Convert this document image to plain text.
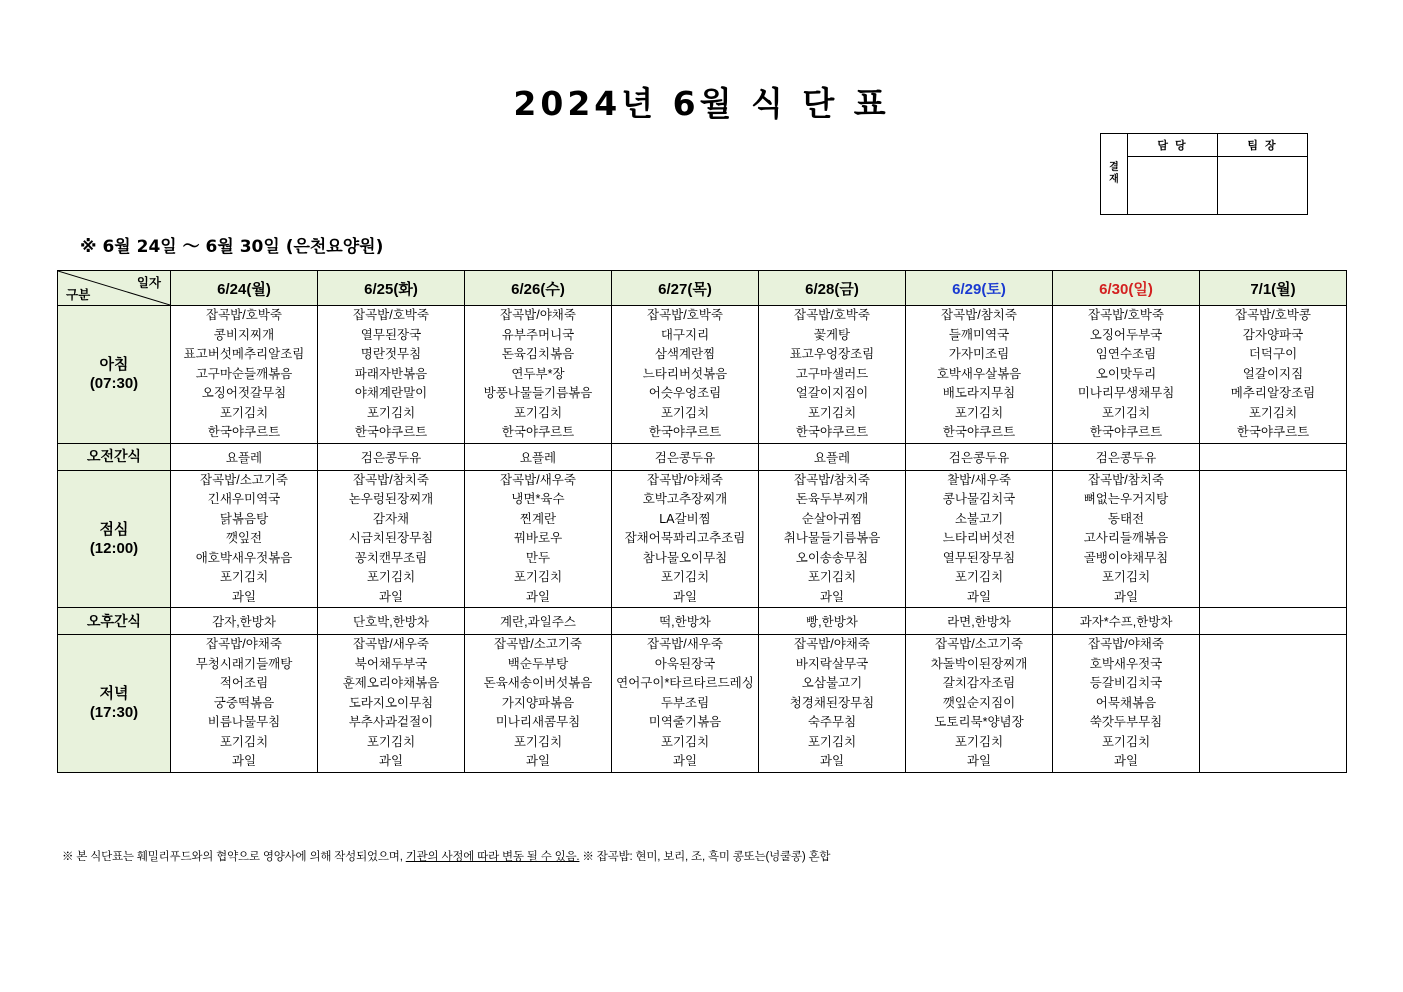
2024년 6월 식 단 표
결
재
담 당	팀 장
※ 6월 24일 ～ 6월 30일 (은천요양원)
일자
구분	6/24(월)	6/25(화)	6/26(수)	6/27(목)	6/28(금)	6/29(토)	6/30(일)	7/1(월)
아침
(07:30)	잡곡밥/호박죽
콩비지찌개
표고버섯메추리알조림
고구마순들깨볶음
오징어젓갈무침
포기김치
한국야쿠르트	잡곡밥/호박죽
열무된장국
명란젓무침
파래자반볶음
야채계란말이
포기김치
한국야쿠르트	잡곡밥/야채죽
유부주머니국
돈육김치볶음
연두부*장
방풍나물들기름볶음
포기김치
한국야쿠르트	잡곡밥/호박죽
대구지리
삼색계란찜
느타리버섯볶음
어슷우엉조림
포기김치
한국야쿠르트	잡곡밥/호박죽
꽃게탕
표고우엉장조림
고구마샐러드
얼갈이지짐이
포기김치
한국야쿠르트	잡곡밥/참치죽
들깨미역국
가자미조림
호박새우살볶음
배도라지무침
포기김치
한국야쿠르트	잡곡밥/호박죽
오징어두부국
임연수조림
오이맛두리
미나리무생채무침
포기김치
한국야쿠르트	잡곡밥/호박콩
감자양파국
더덕구이
얼갈이지짐
메추리알장조림
포기김치
한국야쿠르트
오전간식	요플레	검은콩두유	요플레	검은콩두유	요플레	검은콩두유	검은콩두유	
점심
(12:00)	잡곡밥/소고기죽
긴새우미역국
닭볶음탕
깻잎전
애호박새우젓볶음
포기김치
과일	잡곡밥/참치죽
논우렁된장찌개
감자채
시금치된장무침
꽁치캔무조림
포기김치
과일	잡곡밥/새우죽
냉면*육수
찐계란
꿔바로우
만두
포기김치
과일	잡곡밥/야채죽
호박고추장찌개
LA갈비찜
잡채어묵꽈리고추조림
참나물오이무침
포기김치
과일	잡곡밥/참치죽
돈육두부찌개
순살아귀찜
취나물들기름볶음
오이송송무침
포기김치
과일	찰밥/새우죽
콩나물김치국
소불고기
느타리버섯전
열무된장무침
포기김치
과일	잡곡밥/참치죽
뼈없는우거지탕
동태전
고사리들깨볶음
골뱅이야채무침
포기김치
과일	
오후간식	감자,한방차	단호박,한방차	계란,과일주스	떡,한방차	빵,한방차	라면,한방차	과자*수프,한방차	
저녁
(17:30)	잡곡밥/야채죽
무청시래기들깨탕
적어조림
궁중떡볶음
비름나물무침
포기김치
과일	잡곡밥/새우죽
북어채두부국
훈제오리야채볶음
도라지오이무침
부추사과겉절이
포기김치
과일	잡곡밥/소고기죽
백순두부탕
돈육새송이버섯볶음
가지양파볶음
미나리새콤무침
포기김치
과일	잡곡밥/새우죽
아욱된장국
연어구이*타르타르드레싱
두부조림
미역줄기볶음
포기김치
과일	잡곡밥/야채죽
바지락살무국
오삼불고기
청경채된장무침
숙주무침
포기김치
과일	잡곡밥/소고기죽
차돌박이된장찌개
갈치감자조림
깻잎순지짐이
도토리묵*양념장
포기김치
과일	잡곡밥/야채죽
호박새우젓국
등갈비김치국
어묵채볶음
쑥갓두부무침
포기김치
과일	
※ 본 식단표는 훼밀리푸드와의 협약으로 영양사에 의해 작성되었으며, 기관의 사정에 따라 변동 될 수 있음. ※ 잡곡밥: 현미, 보리, 조, 흑미 콩또는(넝쿨콩) 혼합
